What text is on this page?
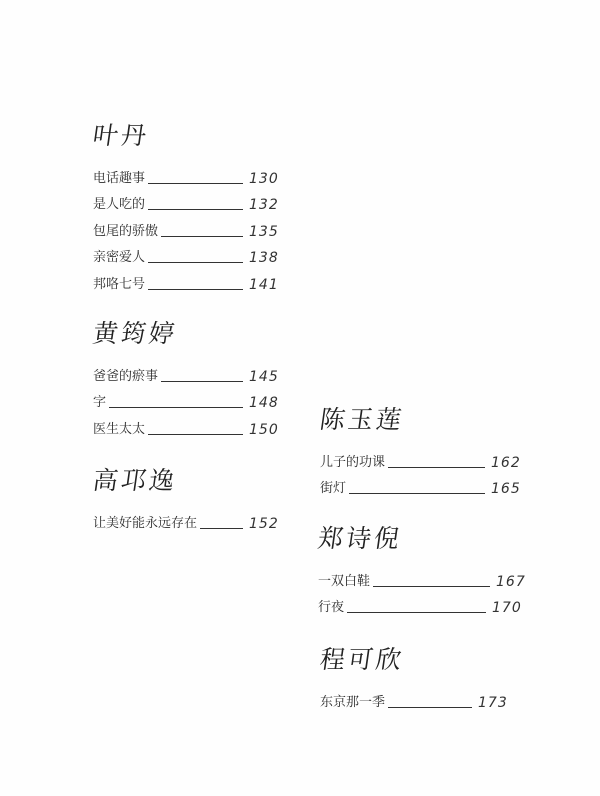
叶丹
电话趣事	130
是人吃的	132
包尾的骄傲	135
亲密爱人	138
邦咯七号	141
黄筠婷
爸爸的瘀事	145
字	148
医生太太	150
高邛逸
让美好能永远存在	152
陈玉莲
儿子的功课	162
街灯	165
郑诗倪
一双白鞋	167
行夜	170
程可欣
东京那一季	173
